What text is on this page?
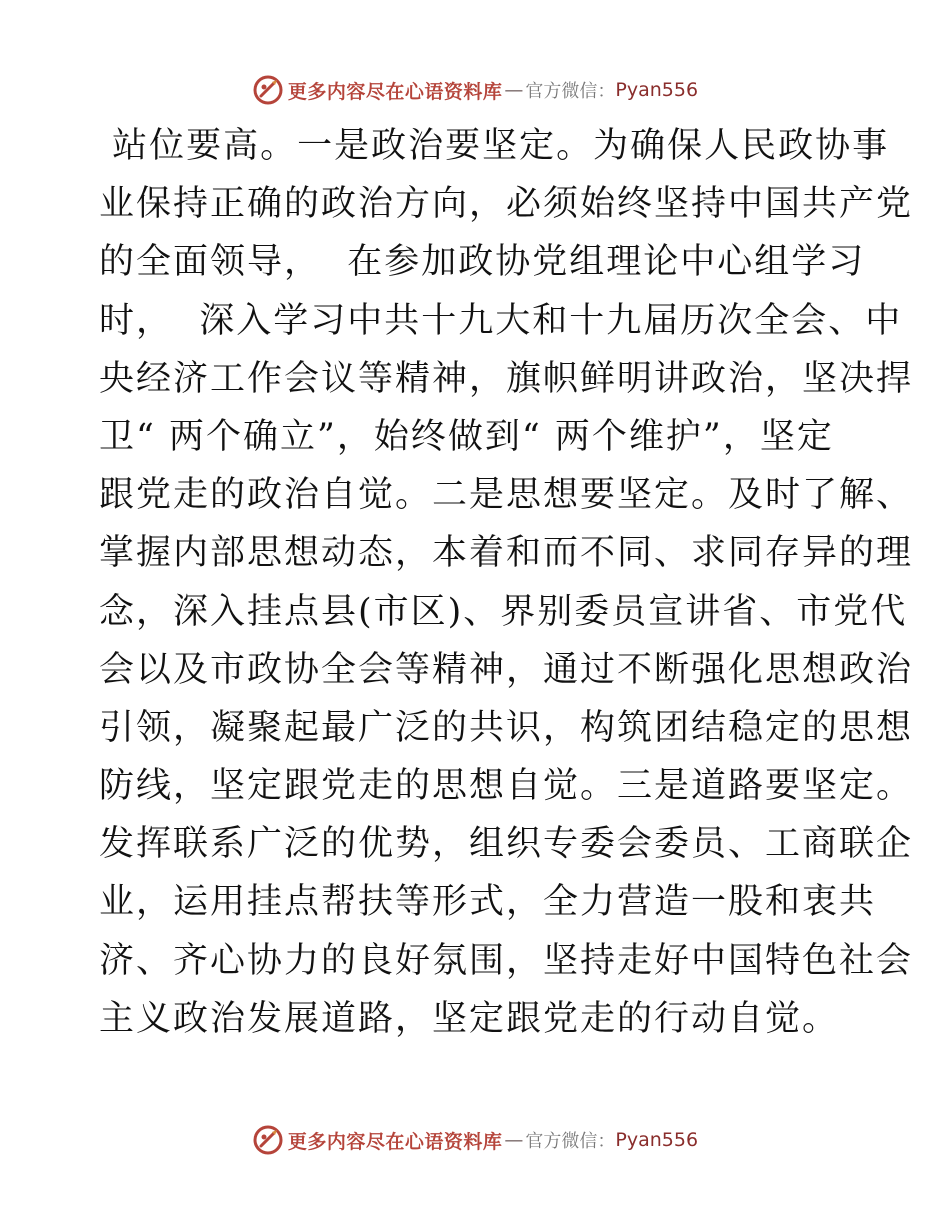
更多内容尽在心语资料库 — 官方微信： Pyan556
站位要高。一是政治要坚定。为确保人民政协事
业保持正确的政治方向，必须始终坚持中国共产党
的全面领导，  在参加政协党组理论中心组学习
时，  深入学习中共十九大和十九届历次全会、中
央经济工作会议等精神，旗帜鲜明讲政治，坚决捍
卫“ 两个确立”，始终做到“ 两个维护”，坚定
跟党走的政治自觉。二是思想要坚定。及时了解、
掌握内部思想动态，本着和而不同、求同存异的理
念，深入挂点县(市区)、界别委员宣讲省、市党代
会以及市政协全会等精神，通过不断强化思想政治
引领，凝聚起最广泛的共识，构筑团结稳定的思想
防线，坚定跟党走的思想自觉。三是道路要坚定。
发挥联系广泛的优势，组织专委会委员、工商联企
业，运用挂点帮扶等形式，全力营造一股和衷共
济、齐心协力的良好氛围，坚持走好中国特色社会
主义政治发展道路，坚定跟党走的行动自觉。
更多内容尽在心语资料库 — 官方微信： Pyan556
